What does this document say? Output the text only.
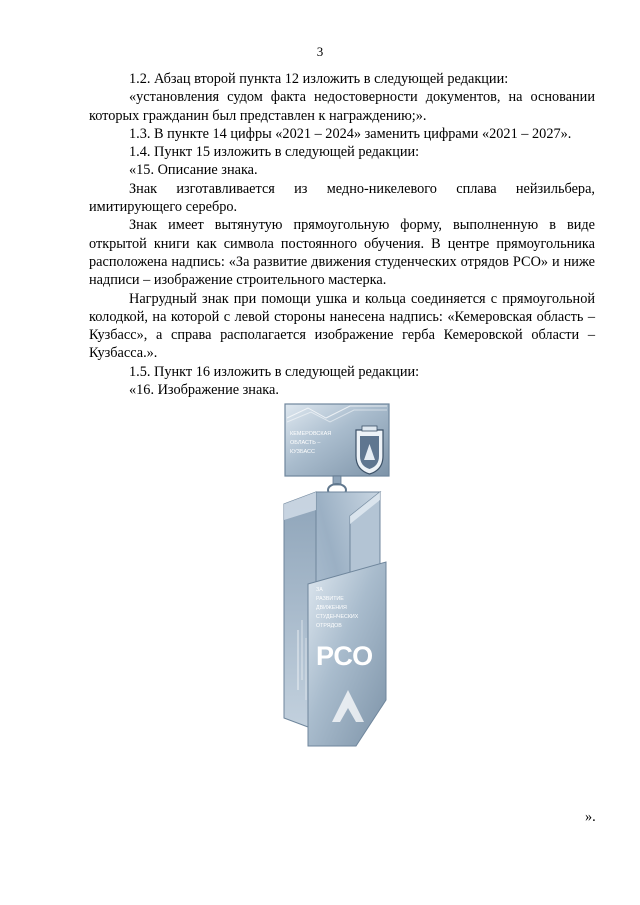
3

1.2. Абзац второй пункта 12 изложить в следующей редакции:

«установления судом факта недостоверности документов, на основании которых гражданин был представлен к награждению;».

1.3. В пункте 14 цифры «2021 – 2024» заменить цифрами «2021 – 2027».

1.4. Пункт 15 изложить в следующей редакции:

«15. Описание знака.

Знак изготавливается из медно-никелевого сплава нейзильбера, имитирующего серебро.

Знак имеет вытянутую прямоугольную форму, выполненную в виде открытой книги как символа постоянного обучения. В центре прямоугольника расположена надпись: «За развитие движения студенческих отрядов РСО» и ниже надписи – изображение строительного мастерка.

Нагрудный знак при помощи ушка и кольца соединяется с прямоугольной колодкой, на которой с левой стороны нанесена надпись: «Кемеровская область – Кузбасс», а справа располагается изображение герба Кемеровской области – Кузбасса.».

1.5. Пункт 16 изложить в следующей редакции:

«16. Изображение знака.

КЕМЕРОВСКАЯ
ОБЛАСТЬ –
КУЗБАСС
ЗА
РАЗВИТИЕ
ДВИЖЕНИЯ
СТУДЕНЧЕСКИХ
ОТРЯДОВ
РСО
».
